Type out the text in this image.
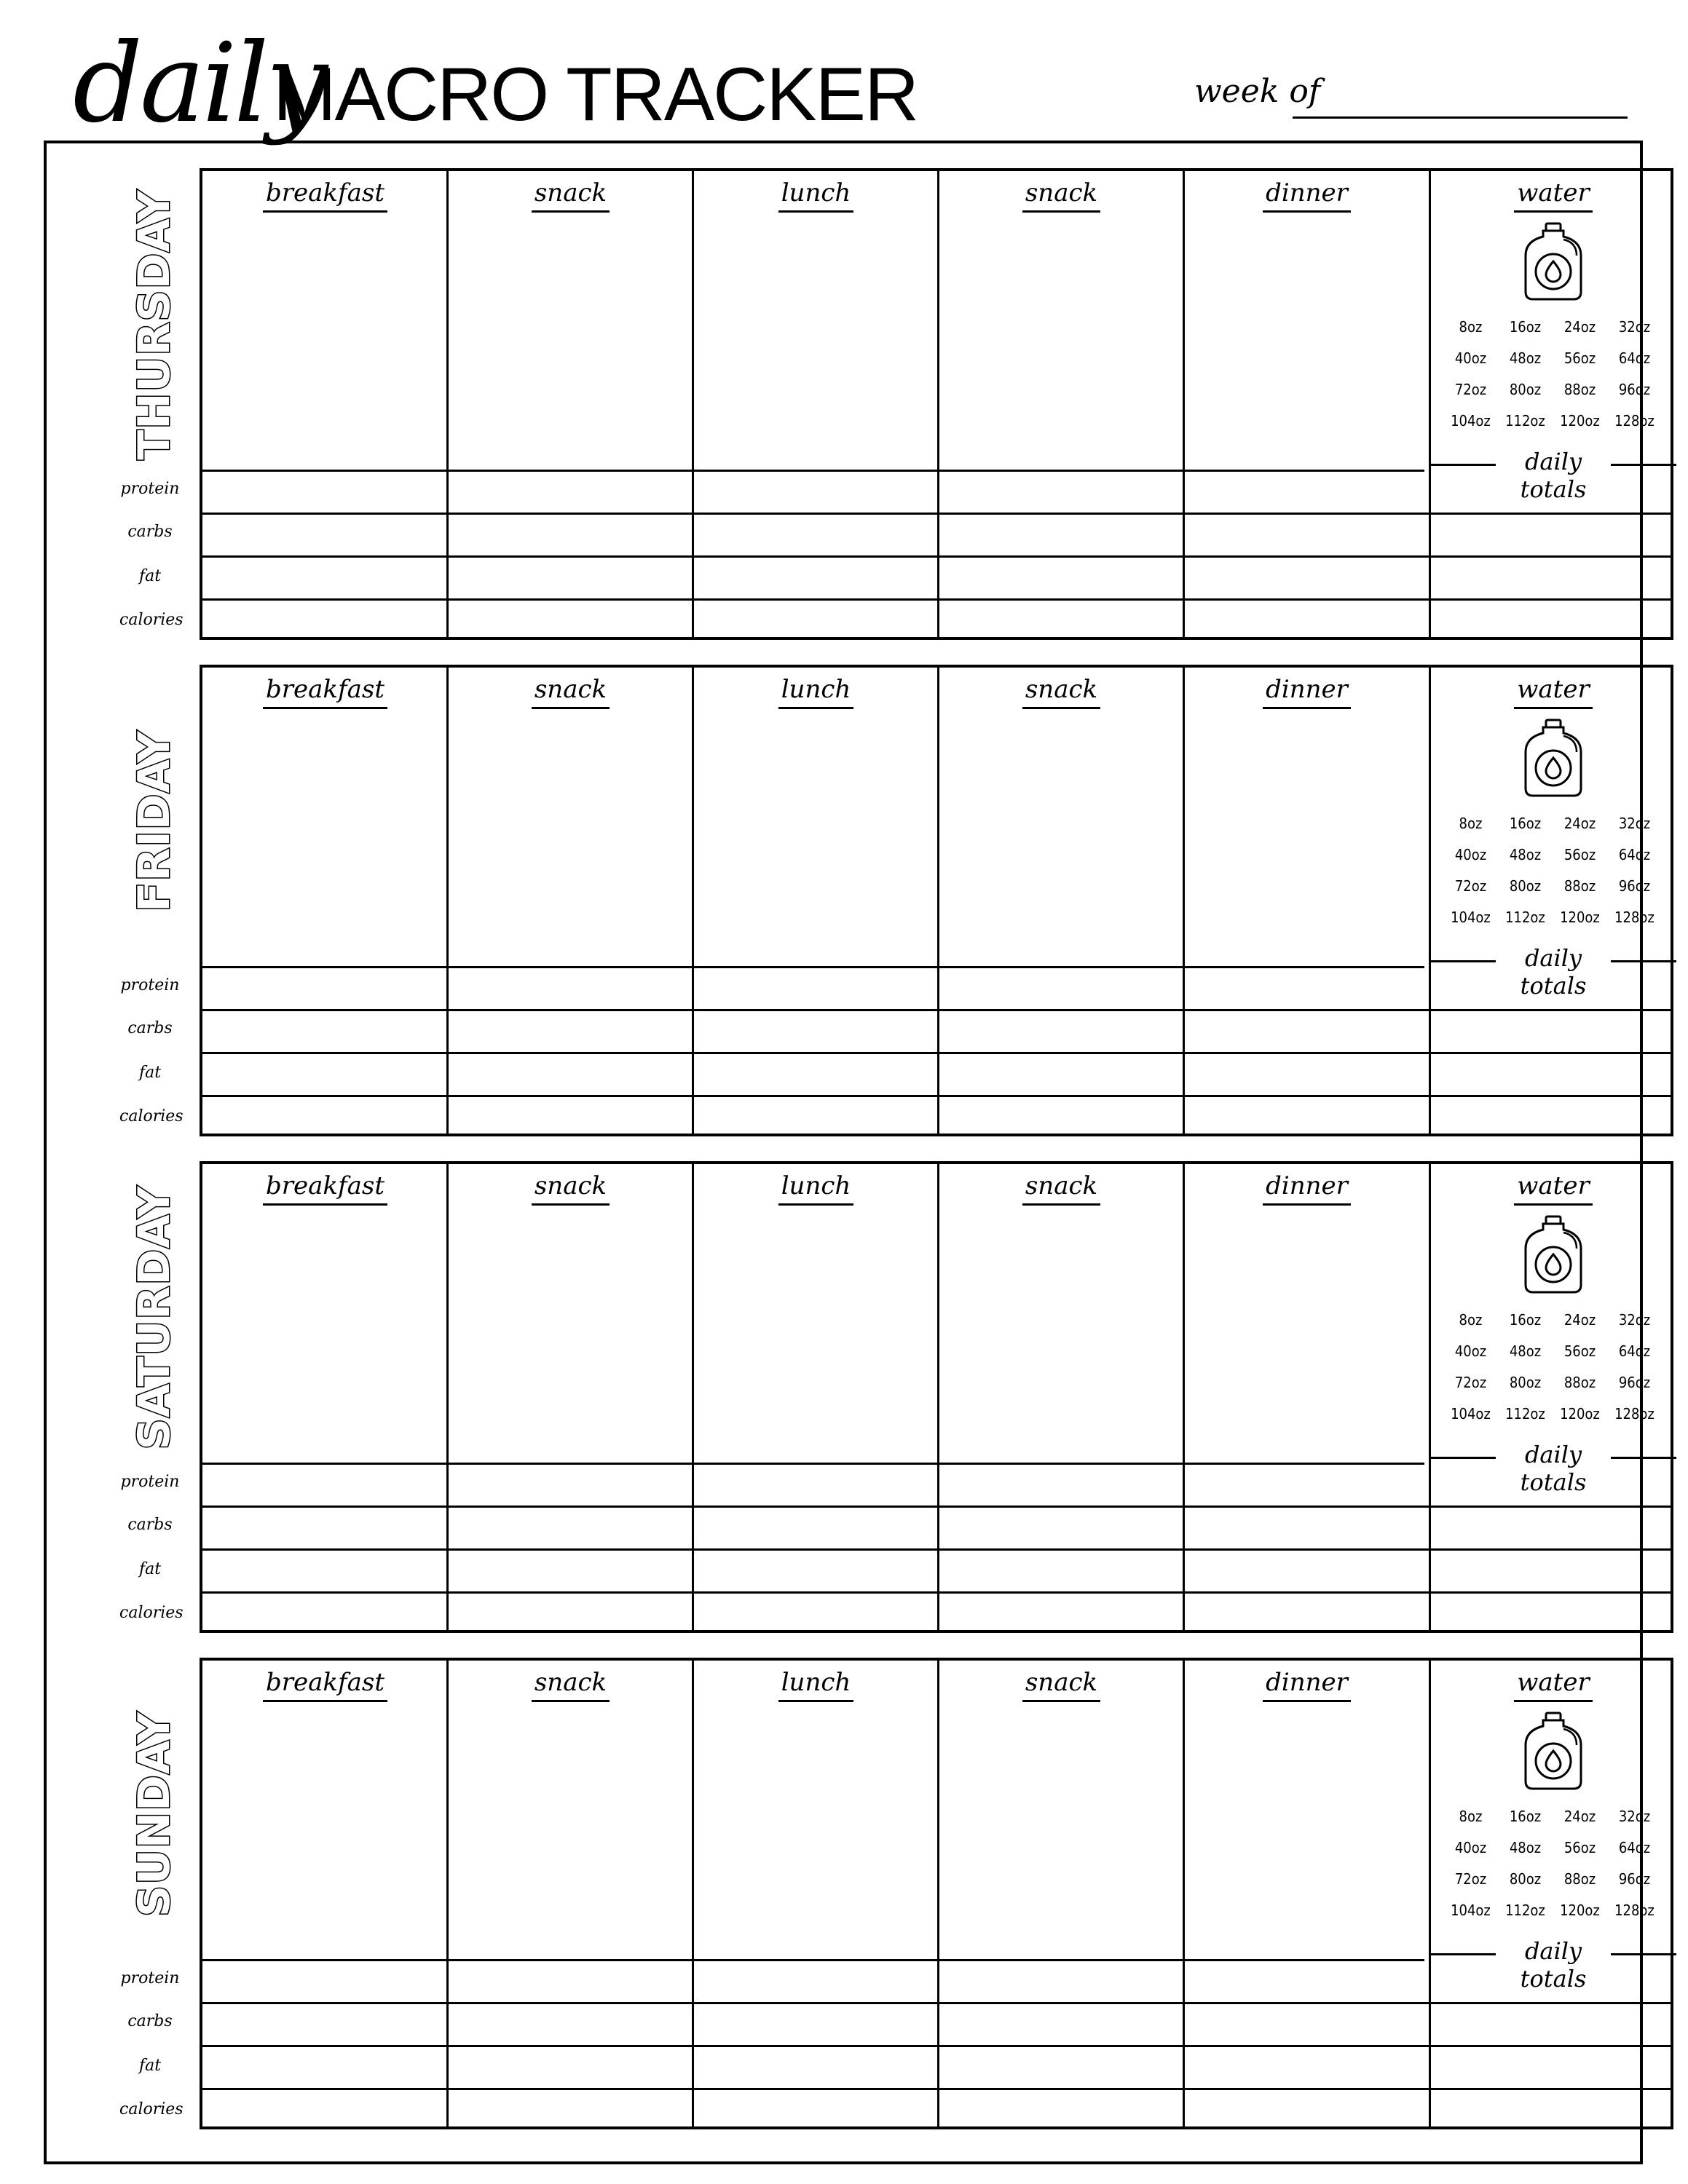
daily
MACRO TRACKER	week of
THURSDAY
protein
carbs
fat
calories
breakfast	snack	lunch	snack	dinner	water
8oz	16oz	24oz	32oz
40oz	48oz	56oz	64oz
72oz	80oz	88oz	96oz
104oz	112oz	120oz	128oz
daily totals
FRIDAY
protein
carbs
fat
calories
breakfast	snack	lunch	snack	dinner	water
8oz	16oz	24oz	32oz
40oz	48oz	56oz	64oz
72oz	80oz	88oz	96oz
104oz	112oz	120oz	128oz
daily totals
SATURDAY
protein
carbs
fat
calories
breakfast	snack	lunch	snack	dinner	water
8oz	16oz	24oz	32oz
40oz	48oz	56oz	64oz
72oz	80oz	88oz	96oz
104oz	112oz	120oz	128oz
daily totals
SUNDAY
protein
carbs
fat
calories
breakfast	snack	lunch	snack	dinner	water
8oz	16oz	24oz	32oz
40oz	48oz	56oz	64oz
72oz	80oz	88oz	96oz
104oz	112oz	120oz	128oz
daily totals
